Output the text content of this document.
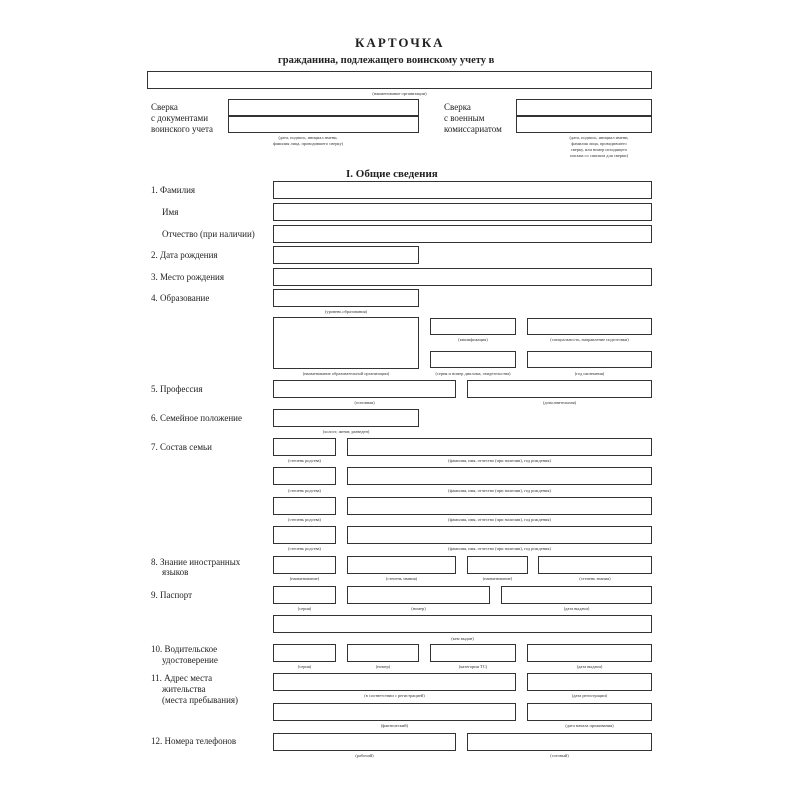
КАРТОЧКА
гражданина, подлежащего воинскому учету в
(наименование организации)
Сверка
с документами
воинского учета
(дата, подпись, инициал имени,
фамилия лица, проводившего сверку)
Сверка
с военным
комиссариатом
(дата, подпись, инициал имени,
фамилия лица, проводившего
сверку, или номер исходящего
письма со списком для сверки)
I. Общие сведения
1. Фамилия
Имя
Отчество (при наличии)
2. Дата рождения
3. Место рождения
4. Образование
(уровень образования)
(наименование образовательной организации)
(квалификация)	(специальность, направление подготовки)
(серия и номер диплома, свидетельства)	(год окончания)
5. Профессия
(основная)	(дополнительная)
6. Семейное положение
(холост, женат, разведен)
7. Состав семьи
(степень родства)	(фамилия, имя, отчество (при наличии), год рождения)
(степень родства)	(фамилия, имя, отчество (при наличии), год рождения)
(степень родства)	(фамилия, имя, отчество (при наличии), год рождения)
(степень родства)	(фамилия, имя, отчество (при наличии), год рождения)
8. Знание иностранных
языков
(наименование)	(степень знания)	(наименование)	(степень знания)
9. Паспорт
(серия)	(номер)	(дата выдачи)
(кем выдан)
10. Водительское
удостоверение
(серия)	(номер)	(категории ТС)	(дата выдачи)
11. Адрес места
жительства
(места пребывания)	(в соответствии с регистрацией)	(дата регистрации)
(фактический)	(дата начала проживания)
12. Номера телефонов
(рабочий)	(сотовый)
